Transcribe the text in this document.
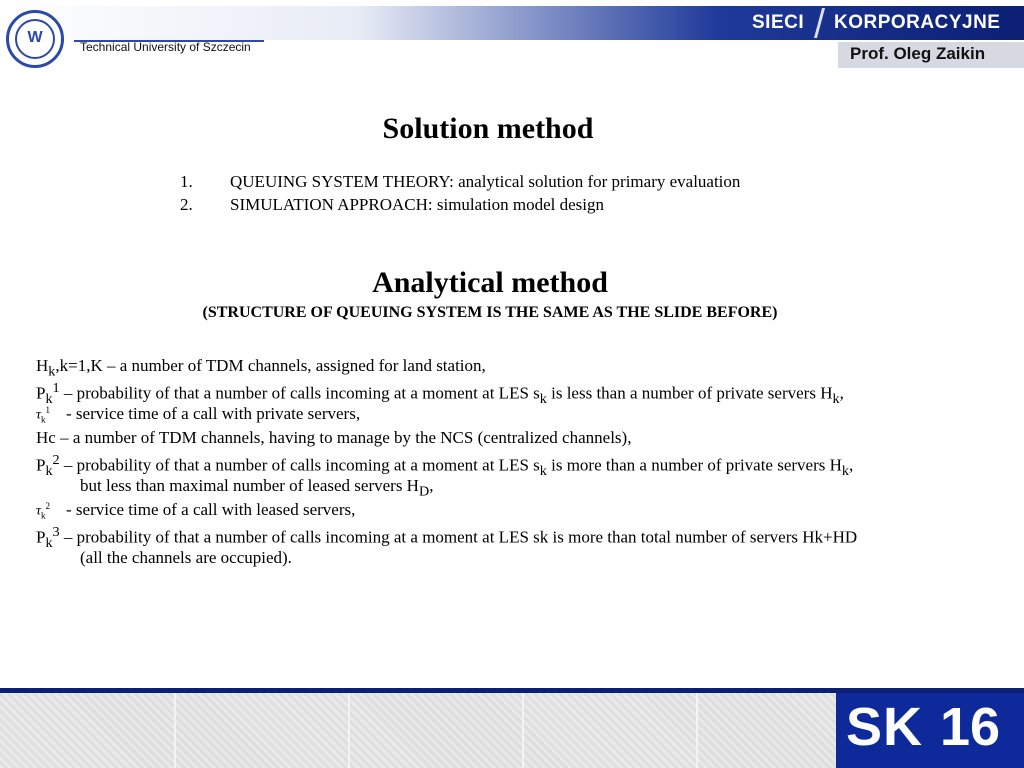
W
Technical University of Szczecin
SIECI KORPORACYJNE
Prof. Oleg Zaikin
Solution method
1. QUEUING SYSTEM THEORY: analytical solution for primary evaluation
2. SIMULATION APPROACH: simulation model design
Analytical method
(STRUCTURE OF QUEUING SYSTEM IS THE SAME AS THE SLIDE BEFORE)
$H_k,k=1,K - a$ number of TDM channels, assigned for land station,
$P_k^1$ – probability of that a number of calls incoming at a moment at LES $s_k$ is less than a number of private servers $H_k$,
$\tau_k^1$ - service time of a call with private servers,
Hc – a number of TDM channels, having to manage by the NCS (centralized channels),
$P_k^2$ – probability of that a number of calls incoming at a moment at LES $s_k$ is more than a number of private servers $H_k$,
but less than maximal number of leased servers $H_D$,
$\tau_k^2$ - service time of a call with leased servers,
$P_k^3$ – probability of that a number of calls incoming at a moment at LES sk is more than total number of servers Hk+HD
(all the channels are occupied).
SK 16
